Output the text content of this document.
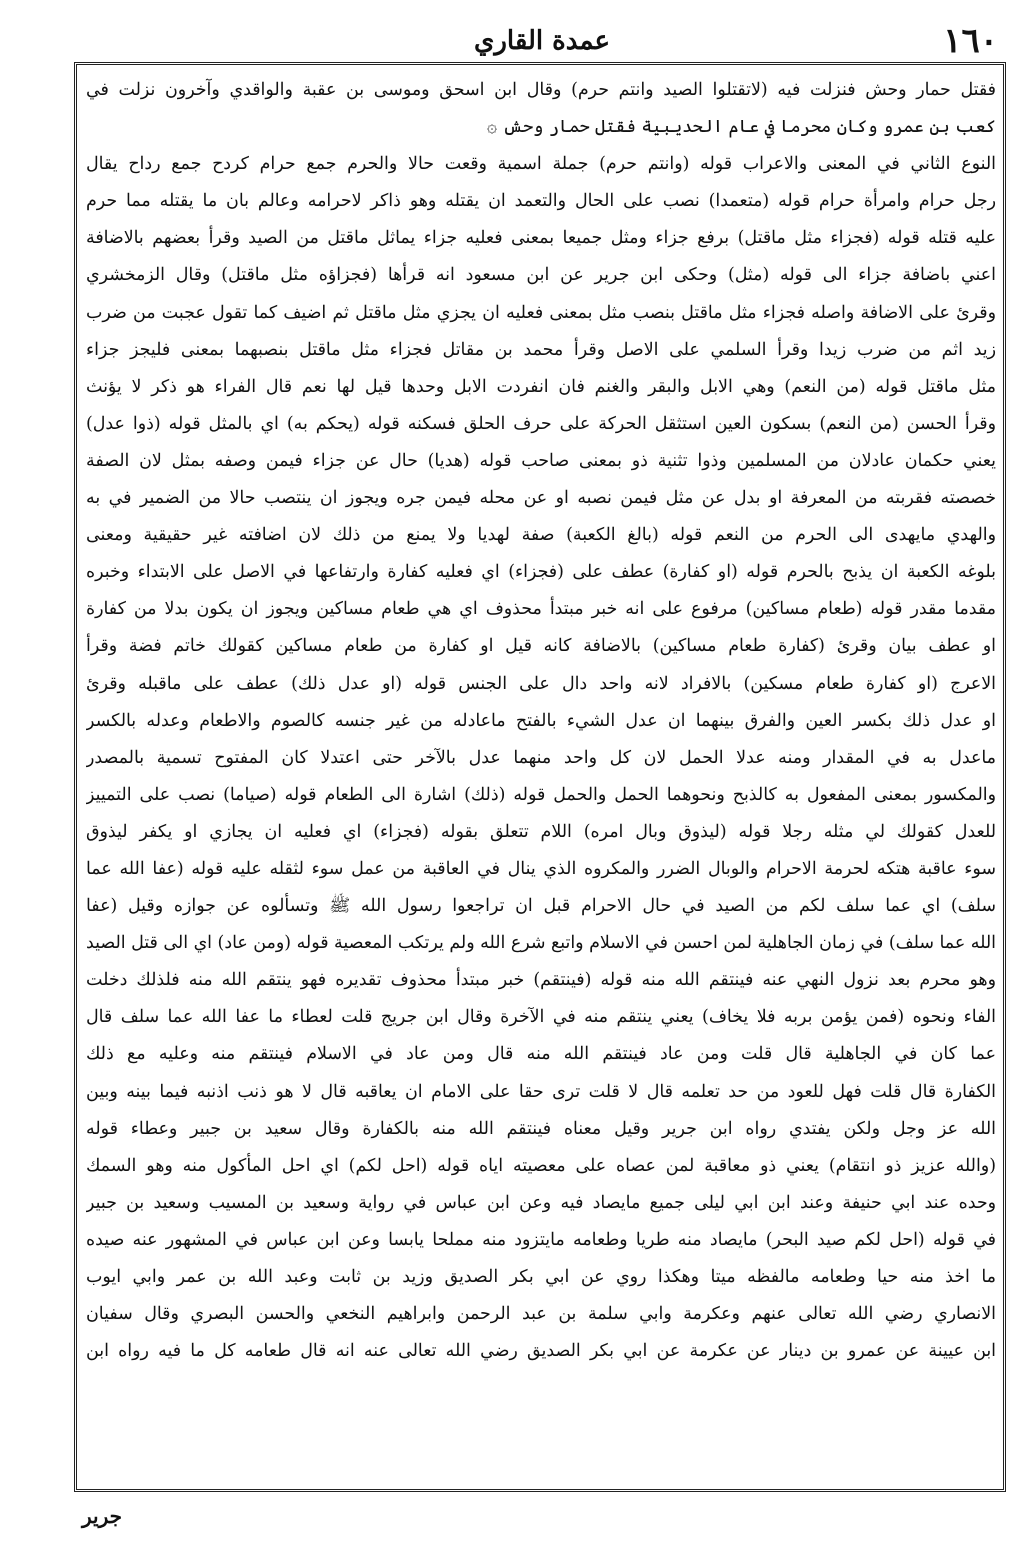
١٦٠
عمدة القاري
فقتل حمار وحش فنزلت فيه (لاتقتلوا الصيد وانتم حرم) وقال ابن اسحق وموسى بن عقبة والواقدي وآخرون نزلت في
كعب بن عمرو وكان محرما في عام الحديبية فقتل حمار وحش ۞
النوع الثاني في المعنى والاعراب قوله (وانتم حرم) جملة اسمية وقعت حالا والحرم جمع حرام كردح جمع رداح يقال
رجل حرام وامرأة حرام قوله (متعمدا) نصب على الحال والتعمد ان يقتله وهو ذاكر لاحرامه وعالم بان ما يقتله مما حرم
عليه قتله قوله (فجزاء مثل ماقتل) برفع جزاء ومثل جميعا بمعنى فعليه جزاء يماثل ماقتل من الصيد وقرأ بعضهم بالاضافة
اعني باضافة جزاء الى قوله (مثل) وحكى ابن جرير عن ابن مسعود انه قرأها (فجزاؤه مثل ماقتل) وقال الزمخشري
وقرئ على الاضافة واصله فجزاء مثل ماقتل بنصب مثل بمعنى فعليه ان يجزي مثل ماقتل ثم اضيف كما تقول عجبت من ضرب
زيد اثم من ضرب زيدا وقرأ السلمي على الاصل وقرأ محمد بن مقاتل فجزاء مثل ماقتل بنصبهما بمعنى فليجز جزاء
مثل ماقتل قوله (من النعم) وهي الابل والبقر والغنم فان انفردت الابل وحدها قيل لها نعم قال الفراء هو ذكر لا يؤنث
وقرأ الحسن (من النعم) بسكون العين استثقل الحركة على حرف الحلق فسكنه قوله (يحكم به) اي بالمثل قوله (ذوا عدل)
يعني حكمان عادلان من المسلمين وذوا تثنية ذو بمعنى صاحب قوله (هديا) حال عن جزاء فيمن وصفه بمثل لان الصفة
خصصته فقربته من المعرفة او بدل عن مثل فيمن نصبه او عن محله فيمن جره ويجوز ان ينتصب حالا من الضمير في به
والهدي مايهدى الى الحرم من النعم قوله (بالغ الكعبة) صفة لهديا ولا يمنع من ذلك لان اضافته غير حقيقية ومعنى
بلوغه الكعبة ان يذبح بالحرم قوله (او كفارة) عطف على (فجزاء) اي فعليه كفارة وارتفاعها في الاصل على الابتداء وخبره
مقدما مقدر قوله (طعام مساكين) مرفوع على انه خبر مبتدأ محذوف اي هي طعام مساكين ويجوز ان يكون بدلا من كفارة
او عطف بيان وقرئ (كفارة طعام مساكين) بالاضافة كانه قيل او كفارة من طعام مساكين كقولك خاتم فضة وقرأ
الاعرج (او كفارة طعام مسكين) بالافراد لانه واحد دال على الجنس قوله (او عدل ذلك) عطف على ماقبله وقرئ
او عدل ذلك بكسر العين والفرق بينهما ان عدل الشيء بالفتح ماعادله من غير جنسه كالصوم والاطعام وعدله بالكسر
ماعدل به في المقدار ومنه عدلا الحمل لان كل واحد منهما عدل بالآخر حتى اعتدلا كان المفتوح تسمية بالمصدر
والمكسور بمعنى المفعول به كالذبح ونحوهما الحمل والحمل قوله (ذلك) اشارة الى الطعام قوله (صياما) نصب على التمييز
للعدل كقولك لي مثله رجلا قوله (ليذوق وبال امره) اللام تتعلق بقوله (فجزاء) اي فعليه ان يجازي او يكفر ليذوق
سوء عاقبة هتكه لحرمة الاحرام والوبال الضرر والمكروه الذي ينال في العاقبة من عمل سوء لثقله عليه قوله (عفا الله عما
سلف) اي عما سلف لكم من الصيد في حال الاحرام قبل ان تراجعوا رسول الله ﷺ وتسألوه عن جوازه وقيل (عفا
الله عما سلف) في زمان الجاهلية لمن احسن في الاسلام واتبع شرع الله ولم يرتكب المعصية قوله (ومن عاد) اي الى قتل الصيد
وهو محرم بعد نزول النهي عنه فينتقم الله منه قوله (فينتقم) خبر مبتدأ محذوف تقديره فهو ينتقم الله منه فلذلك دخلت
الفاء ونحوه (فمن يؤمن بربه فلا يخاف) يعني ينتقم منه في الآخرة وقال ابن جريج قلت لعطاء ما عفا الله عما سلف قال
عما كان في الجاهلية قال قلت ومن عاد فينتقم الله منه قال ومن عاد في الاسلام فينتقم منه وعليه مع ذلك
الكفارة قال قلت فهل للعود من حد تعلمه قال لا قلت ترى حقا على الامام ان يعاقبه قال لا هو ذنب اذنبه فيما بينه وبين
الله عز وجل ولكن يفتدي رواه ابن جرير وقيل معناه فينتقم الله منه بالكفارة وقال سعيد بن جبير وعطاء قوله
(والله عزيز ذو انتقام) يعني ذو معاقبة لمن عصاه على معصيته اياه قوله (احل لكم) اي احل المأكول منه وهو السمك
وحده عند ابي حنيفة وعند ابن ابي ليلى جميع مايصاد فيه وعن ابن عباس في رواية وسعيد بن المسيب وسعيد بن جبير
في قوله (احل لكم صيد البحر) مايصاد منه طريا وطعامه مايتزود منه مملحا يابسا وعن ابن عباس في المشهور عنه صيده
ما اخذ منه حيا وطعامه مالفظه ميتا وهكذا روي عن ابي بكر الصديق وزيد بن ثابت وعبد الله بن عمر وابي ايوب
الانصاري رضي الله تعالى عنهم وعكرمة وابي سلمة بن عبد الرحمن وابراهيم النخعي والحسن البصري وقال سفيان
ابن عيينة عن عمرو بن دينار عن عكرمة عن ابي بكر الصديق رضي الله تعالى عنه انه قال طعامه كل ما فيه رواه ابن
جرير
